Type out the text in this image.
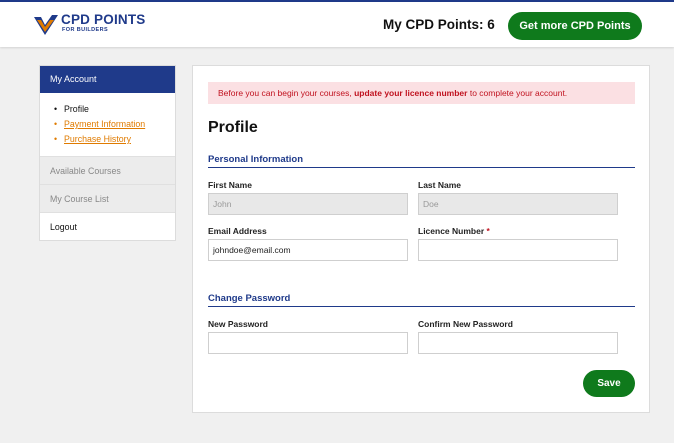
CPD POINTS
FOR BUILDERS	My CPD Points: 6	Get more CPD Points
My Account
• Profile
• Payment Information
• Purchase History
Available Courses
My Course List
Logout
Before you can begin your courses, update your licence number to complete your account.
Profile
Personal Information
First Name
John
Last Name
Doe
Email Address
johndoe@email.com
Licence Number *
Change Password
New Password	Confirm New Password
Save
